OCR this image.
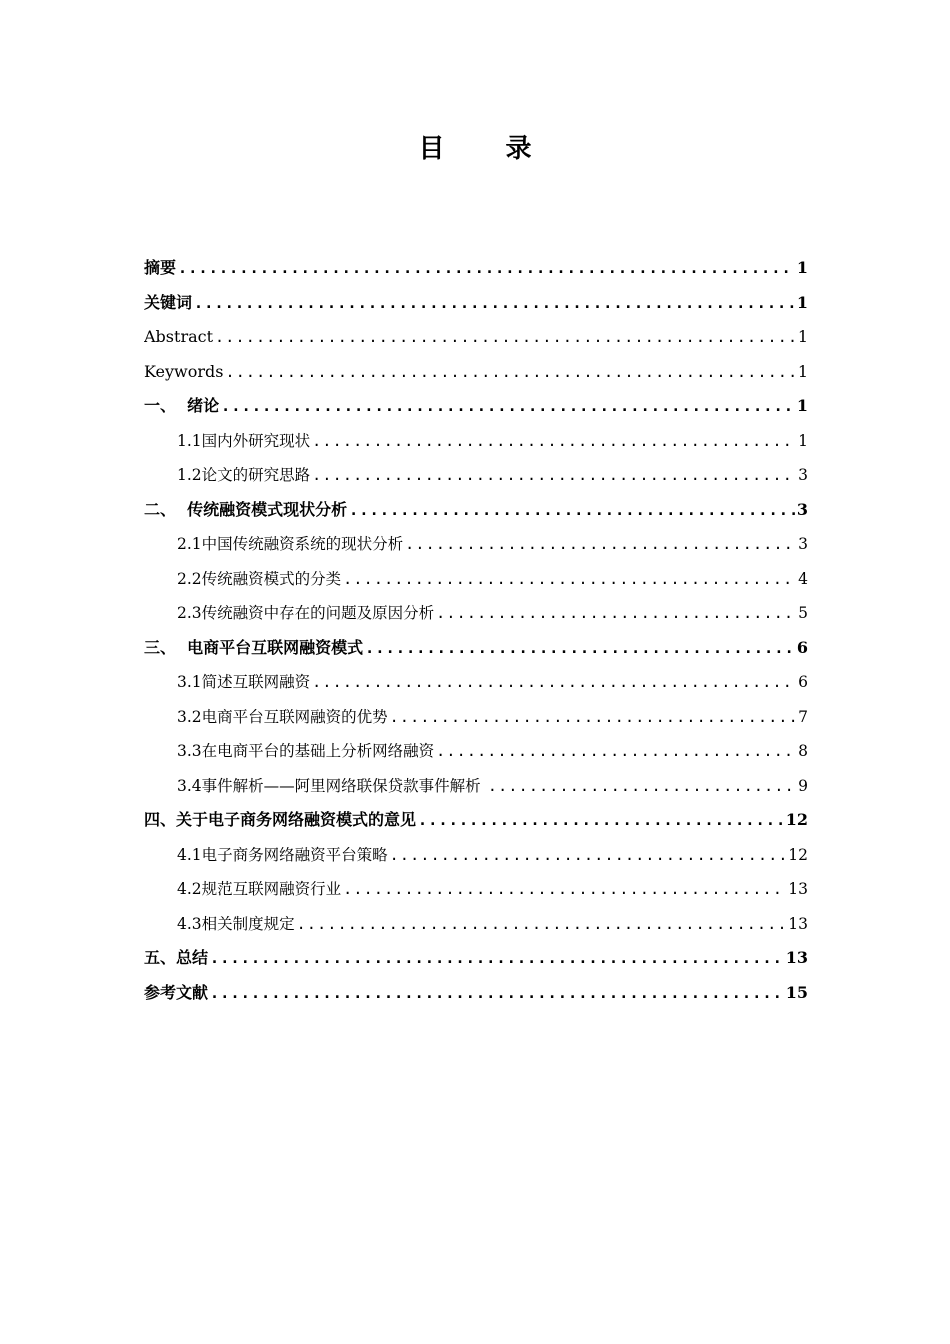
目 录
摘要 .....	1
关键词 .....	1
Abstract .....	1
Keywords .....	1
一、  绪论 .....	1
1.1国内外研究现状 .....	1
1.2论文的研究思路 .....	3
二、  传统融资模式现状分析 .....	3
2.1中国传统融资系统的现状分析 .....	3
2.2传统融资模式的分类 .....	4
2.3传统融资中存在的问题及原因分析 .....	5
三、  电商平台互联网融资模式 .....	6
3.1简述互联网融资 .....	6
3.2电商平台互联网融资的优势 .....	7
3.3在电商平台的基础上分析网络融资 .....	8
3.4事件解析——阿里网络联保贷款事件解析 .....	9
四、关于电子商务网络融资模式的意见 .....	12
4.1电子商务网络融资平台策略 .....	12
4.2规范互联网融资行业 .....	13
4.3相关制度规定 .....	13
五、总结 .....	13
参考文献 .....	15
